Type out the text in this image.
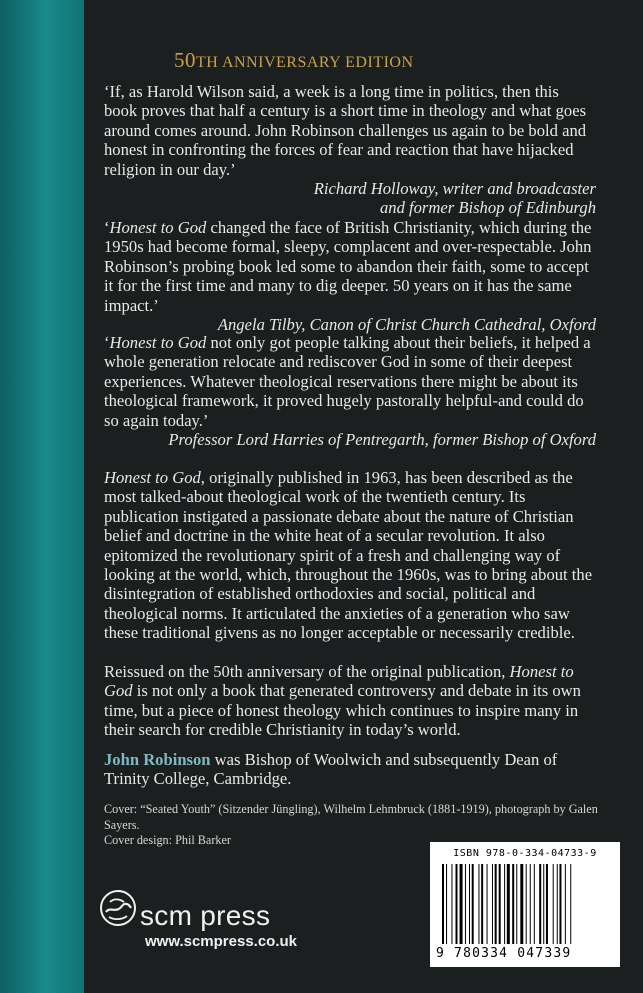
50TH ANNIVERSARY EDITION

‘If, as Harold Wilson said, a week is a long time in politics, then this book proves that half a century is a short time in theology and what goes around comes around. John Robinson challenges us again to be bold and honest in confronting the forces of fear and reaction that have hijacked religion in our day.’

Richard Holloway, writer and broadcaster
and former Bishop of Edinburgh

‘Honest to God changed the face of British Christianity, which during the 1950s had become formal, sleepy, complacent and over-respectable. John Robinson’s probing book led some to abandon their faith, some to accept it for the first time and many to dig deeper. 50 years on it has the same impact.’

Angela Tilby, Canon of Christ Church Cathedral, Oxford

‘Honest to God not only got people talking about their beliefs, it helped a whole generation relocate and rediscover God in some of their deepest experiences. Whatever theological reservations there might be about its theological framework, it proved hugely pastorally helpful-and could do so again today.’

Professor Lord Harries of Pentregarth, former Bishop of Oxford

Honest to God, originally published in 1963, has been described as the most talked-about theological work of the twentieth century. Its publication instigated a passionate debate about the nature of Christian belief and doctrine in the white heat of a secular revolution. It also epitomized the revolutionary spirit of a fresh and challenging way of looking at the world, which, throughout the 1960s, was to bring about the disintegration of established orthodoxies and social, political and theological norms. It articulated the anxieties of a generation who saw these traditional givens as no longer acceptable or necessarily credible.

Reissued on the 50th anniversary of the original publication, Honest to God is not only a book that generated controversy and debate in its own time, but a piece of honest theology which continues to inspire many in their search for credible Christianity in today’s world.

John Robinson was Bishop of Woolwich and subsequently Dean of Trinity College, Cambridge.

Cover: “Seated Youth” (Sitzender Jüngling), Wilhelm Lehmbruck (1881-1919), photograph by Galen Sayers.

Cover design: Phil Barker

ISBN 978-0-334-04733-9
9 780334 047339
scm press
www.scmpress.co.uk
